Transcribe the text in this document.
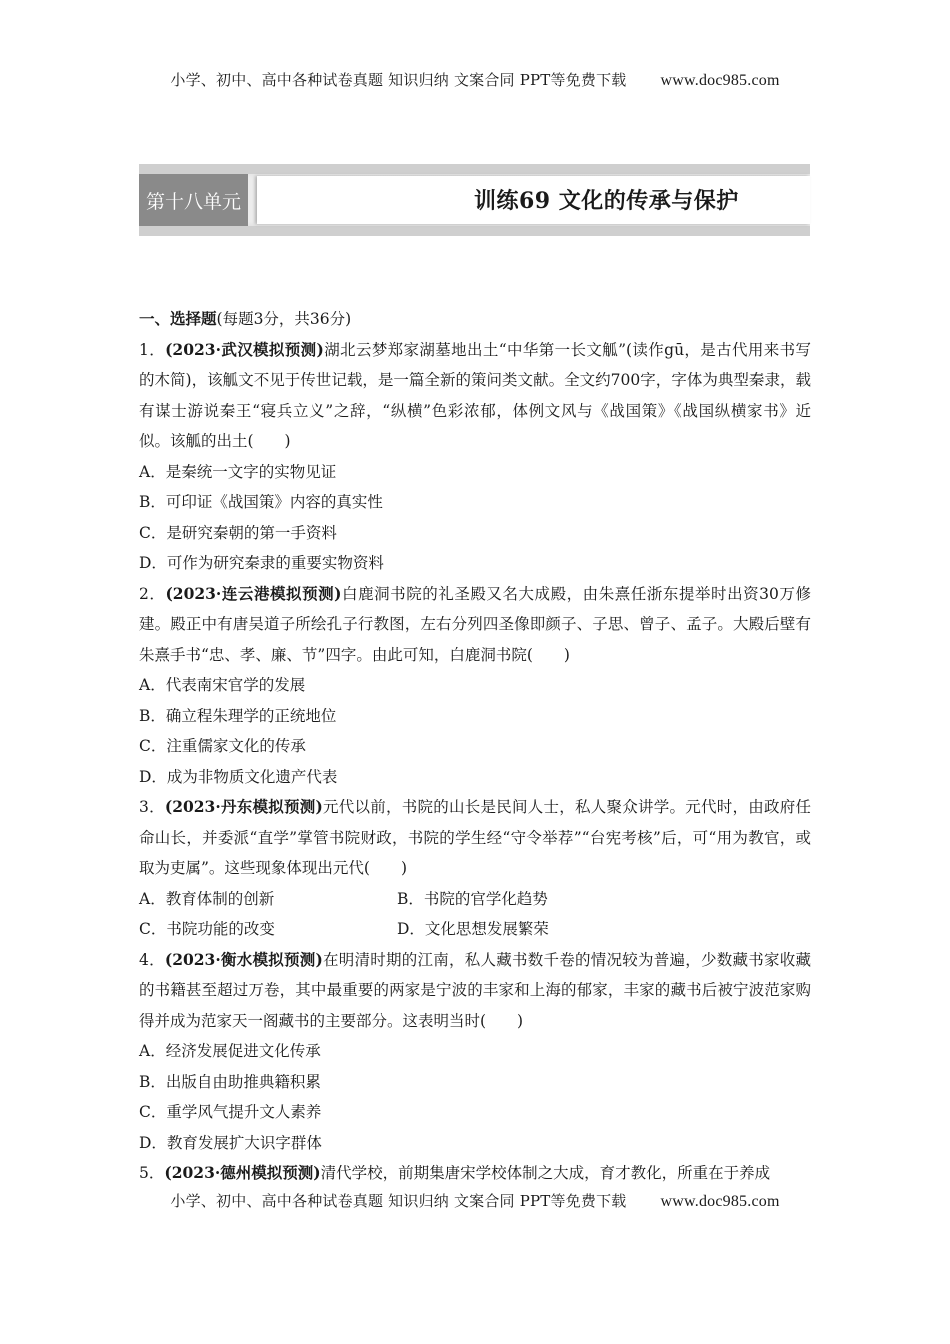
小学、初中、高中各种试卷真题 知识归纳 文案合同 PPT等免费下载 www.doc985.com
第十八单元	训练69 文化的传承与保护
一、选择题(每题3分，共36分)
1．(2023·武汉模拟预测)湖北云梦郑家湖墓地出土“中华第一长文觚”(读作gū，是古代用来书写的木简)，该觚文不见于传世记载，是一篇全新的策问类文献。全文约700字，字体为典型秦隶，载有谋士游说秦王“寝兵立义”之辞，“纵横”色彩浓郁，体例文风与《战国策》《战国纵横家书》近似。该觚的出土(　　)
A．是秦统一文字的实物见证
B．可印证《战国策》内容的真实性
C．是研究秦朝的第一手资料
D．可作为研究秦隶的重要实物资料
2．(2023·连云港模拟预测)白鹿洞书院的礼圣殿又名大成殿，由朱熹任浙东提举时出资30万修建。殿正中有唐吴道子所绘孔子行教图，左右分列四圣像即颜子、子思、曾子、孟子。大殿后壁有朱熹手书“忠、孝、廉、节”四字。由此可知，白鹿洞书院(　　)
A．代表南宋官学的发展
B．确立程朱理学的正统地位
C．注重儒家文化的传承
D．成为非物质文化遗产代表
3．(2023·丹东模拟预测)元代以前，书院的山长是民间人士，私人聚众讲学。元代时，由政府任命山长，并委派“直学”掌管书院财政，书院的学生经“守令举荐”“台宪考核”后，可“用为教官，或取为吏属”。这些现象体现出元代(　　)
A．教育体制的创新	B．书院的官学化趋势
C．书院功能的改变	D．文化思想发展繁荣
4．(2023·衡水模拟预测)在明清时期的江南，私人藏书数千卷的情况较为普遍，少数藏书家收藏的书籍甚至超过万卷，其中最重要的两家是宁波的丰家和上海的郁家，丰家的藏书后被宁波范家购得并成为范家天一阁藏书的主要部分。这表明当时(　　)
A．经济发展促进文化传承
B．出版自由助推典籍积累
C．重学风气提升文人素养
D．教育发展扩大识字群体
5．(2023·德州模拟预测)清代学校，前期集唐宋学校体制之大成，育才教化，所重在于养成
小学、初中、高中各种试卷真题 知识归纳 文案合同 PPT等免费下载 www.doc985.com
